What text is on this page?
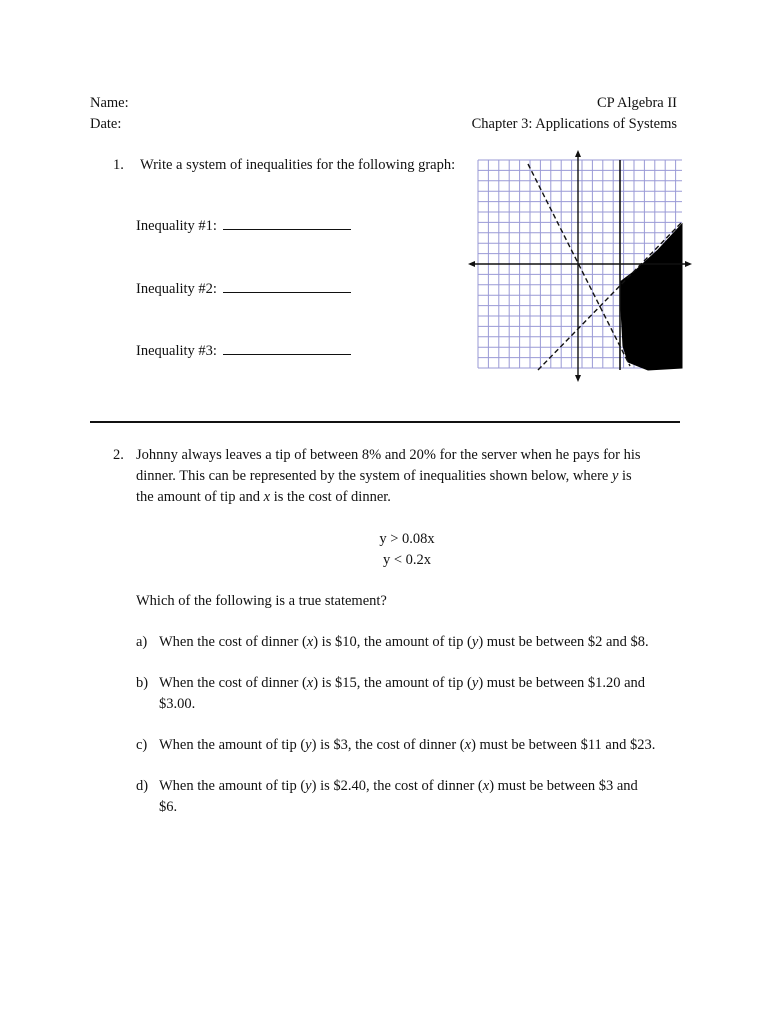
Name:
Date:
CP Algebra II
Chapter 3: Applications of Systems
1. Write a system of inequalities for the following graph:
Inequality #1:
Inequality #2:
Inequality #3:
2. Johnny always leaves a tip of between 8% and 20% for the server when he pays for his
dinner. This can be represented by the system of inequalities shown below, where y is
the amount of tip and x is the cost of dinner.
y > 0.08x
y < 0.2x
Which of the following is a true statement?
a) When the cost of dinner (x) is $10, the amount of tip (y) must be between $2 and $8.
b) When the cost of dinner (x) is $15, the amount of tip (y) must be between $1.20 and
$3.00.
c) When the amount of tip (y) is $3, the cost of dinner (x) must be between $11 and $23.
d) When the amount of tip (y) is $2.40, the cost of dinner (x) must be between $3 and
$6.
